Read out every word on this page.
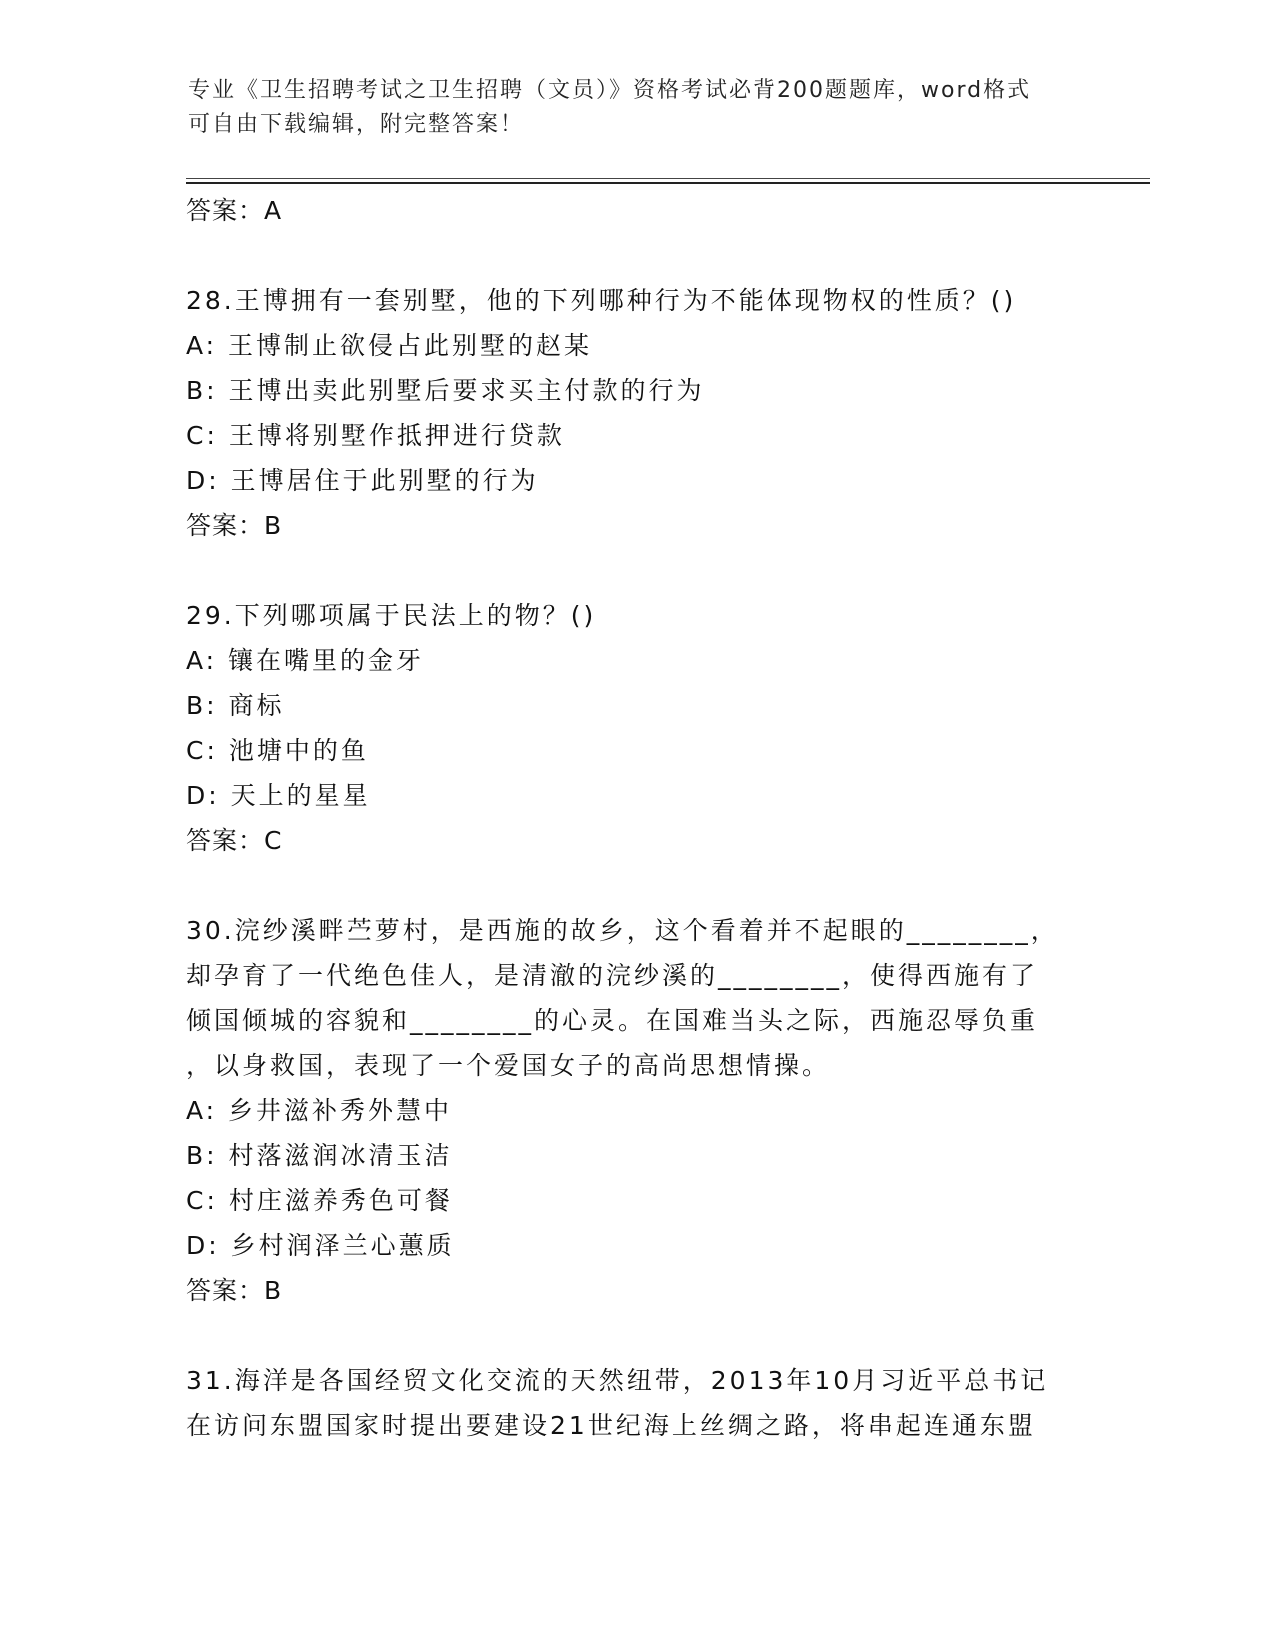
专业《卫生招聘考试之卫生招聘（文员）》资格考试必背200题题库，word格式
可自由下载编辑，附完整答案！
答案：A
28.王博拥有一套别墅，他的下列哪种行为不能体现物权的性质？()
A: 王博制止欲侵占此别墅的赵某
B: 王博出卖此别墅后要求买主付款的行为
C: 王博将别墅作抵押进行贷款
D: 王博居住于此别墅的行为
答案：B
29.下列哪项属于民法上的物？()
A: 镶在嘴里的金牙
B: 商标
C: 池塘中的鱼
D: 天上的星星
答案：C
30.浣纱溪畔苎萝村，是西施的故乡，这个看着并不起眼的________，
却孕育了一代绝色佳人，是清澈的浣纱溪的________，使得西施有了
倾国倾城的容貌和________的心灵。在国难当头之际，西施忍辱负重
，以身救国，表现了一个爱国女子的高尚思想情操。
A: 乡井滋补秀外慧中
B: 村落滋润冰清玉洁
C: 村庄滋养秀色可餐
D: 乡村润泽兰心蕙质
答案：B
31.海洋是各国经贸文化交流的天然纽带，2013年10月习近平总书记
在访问东盟国家时提出要建设21世纪海上丝绸之路，将串起连通东盟
